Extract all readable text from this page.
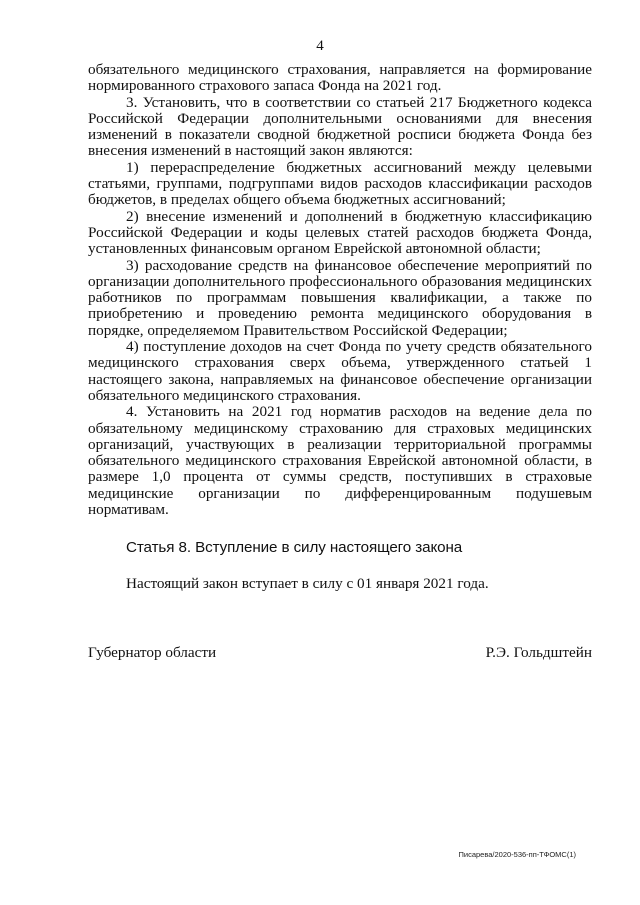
4

обязательного медицинского страхования, направляется на формирование нормированного страхового запаса Фонда на 2021 год.

3. Установить, что в соответствии со статьей 217 Бюджетного кодекса Российской Федерации дополнительными основаниями для внесения изменений в показатели сводной бюджетной росписи бюджета Фонда без внесения изменений в настоящий закон являются:

1) перераспределение бюджетных ассигнований между целевыми статьями, группами, подгруппами видов расходов классификации расходов бюджетов, в пределах общего объема бюджетных ассигнований;

2) внесение изменений и дополнений в бюджетную классификацию Российской Федерации и коды целевых статей расходов бюджета Фонда, установленных финансовым органом Еврейской автономной области;

3) расходование средств на финансовое обеспечение мероприятий по организации дополнительного профессионального образования медицинских работников по программам повышения квалификации, а также по приобретению и проведению ремонта медицинского оборудования в порядке, определяемом Правительством Российской Федерации;

4) поступление доходов на счет Фонда по учету средств обязательного медицинского страхования сверх объема, утвержденного статьей 1 настоящего закона, направляемых на финансовое обеспечение организации обязательного медицинского страхования.

4. Установить на 2021 год норматив расходов на ведение дела по обязательному медицинскому страхованию для страховых медицинских организаций, участвующих в реализации территориальной программы обязательного медицинского страхования Еврейской автономной области, в размере 1,0 процента от суммы средств, поступивших в страховые медицинские организации по дифференцированным подушевым нормативам.

Статья 8. Вступление в силу настоящего закона

Настоящий закон вступает в силу с 01 января 2021 года.

Губернатор области	Р.Э. Гольдштейн
Писарева/2020-536-пп-ТФОМС(1)
